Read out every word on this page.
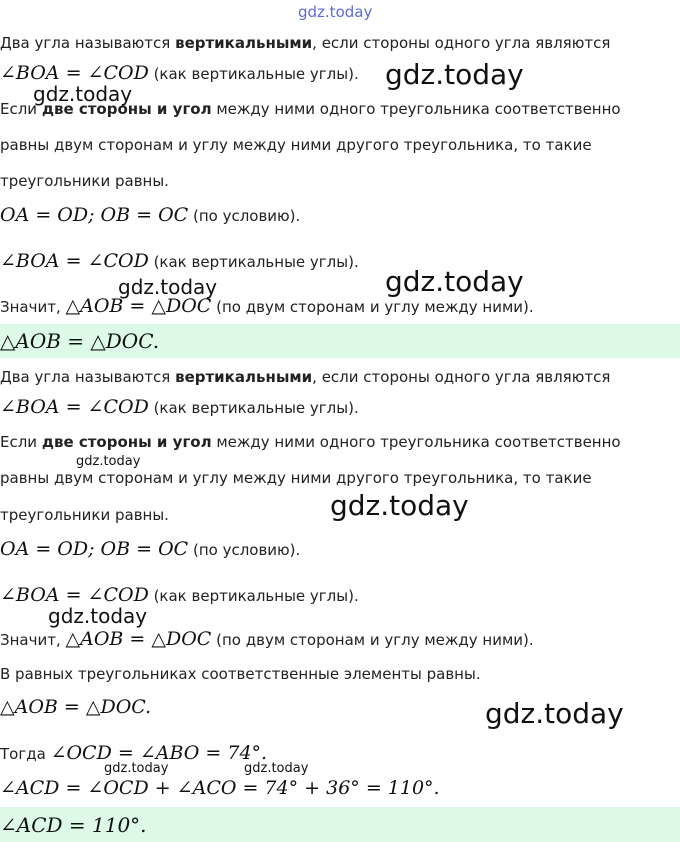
gdz.today
gdz.today
gdz.today
gdz.today	gdz.today
gdz.today
gdz.today
gdz.today
gdz.today
gdz.today	gdz.today
Два угла называются вертикальными, если стороны одного угла являются
∠BOA = ∠COD (как вертикальные углы).
Если две стороны и угол между ними одного треугольника соответственно
равны двум сторонам и углу между ними другого треугольника, то такие
треугольники равны.
OA = OD; OB = OC (по условию).
∠BOA = ∠COD (как вертикальные углы).
Значит, △AOB = △DOC (по двум сторонам и углу между ними).
△AOB = △DOC.
Два угла называются вертикальными, если стороны одного угла являются
∠BOA = ∠COD (как вертикальные углы).
Если две стороны и угол между ними одного треугольника соответственно
равны двум сторонам и углу между ними другого треугольника, то такие
треугольники равны.
OA = OD; OB = OC (по условию).
∠BOA = ∠COD (как вертикальные углы).
Значит, △AOB = △DOC (по двум сторонам и углу между ними).
В равных треугольниках соответственные элементы равны.
△AOB = △DOC.
Тогда ∠OCD = ∠ABO = 74°.
∠ACD = ∠OCD + ∠ACO = 74° + 36° = 110°.
∠ACD = 110°.
